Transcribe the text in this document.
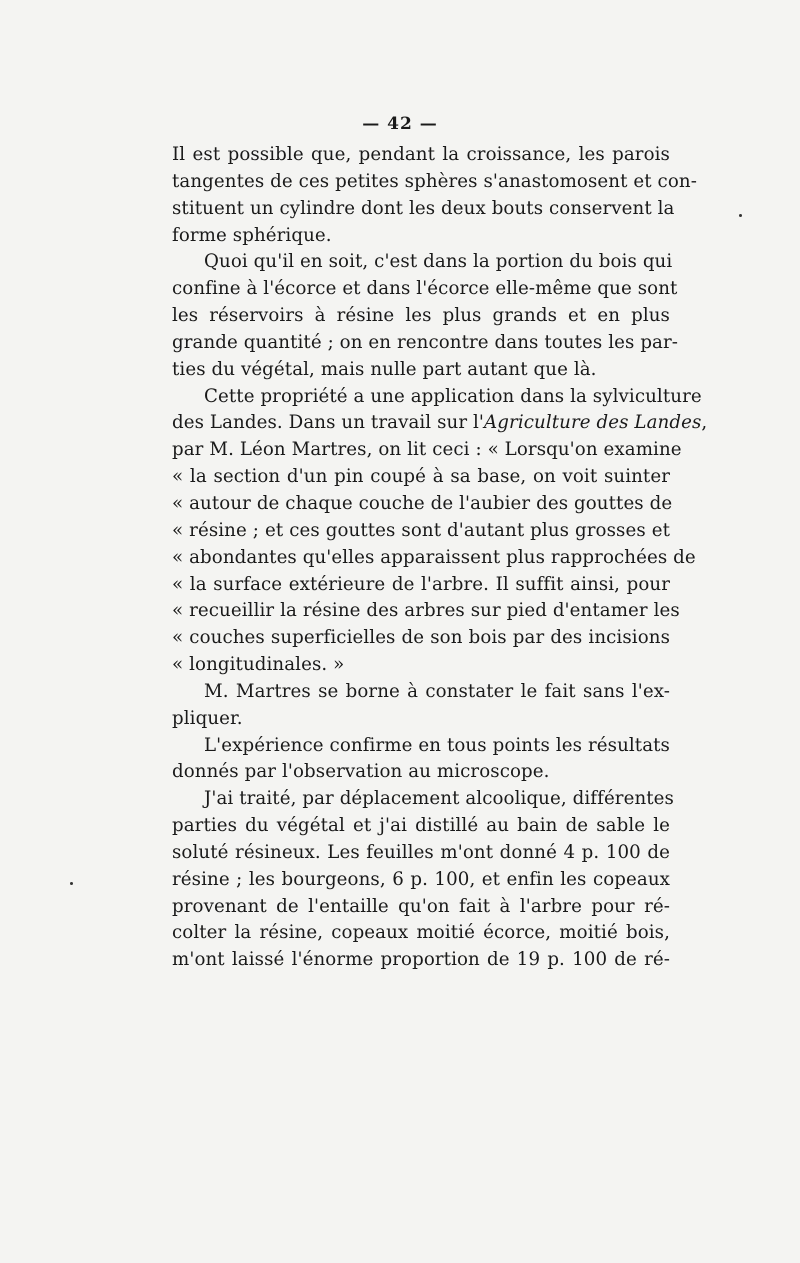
— 42 —
Il est possible que, pendant la croissance, les parois
tangentes de ces petites sphères s'anastomosent et con-
stituent un cylindre dont les deux bouts conservent la
forme sphérique.
Quoi qu'il en soit, c'est dans la portion du bois qui
confine à l'écorce et dans l'écorce elle-même que sont
les réservoirs à résine les plus grands et en plus
grande quantité ; on en rencontre dans toutes les par-
ties du végétal, mais nulle part autant que là.
Cette propriété a une application dans la sylviculture
des Landes. Dans un travail sur l'Agriculture des Landes,
par M. Léon Martres, on lit ceci : « Lorsqu'on examine
« la section d'un pin coupé à sa base, on voit suinter
« autour de chaque couche de l'aubier des gouttes de
« résine ; et ces gouttes sont d'autant plus grosses et
« abondantes qu'elles apparaissent plus rapprochées de
« la surface extérieure de l'arbre. Il suffit ainsi, pour
« recueillir la résine des arbres sur pied d'entamer les
« couches superficielles de son bois par des incisions
« longitudinales. »
M. Martres se borne à constater le fait sans l'ex-
pliquer.
L'expérience confirme en tous points les résultats
donnés par l'observation au microscope.
J'ai traité, par déplacement alcoolique, différentes
parties du végétal et j'ai distillé au bain de sable le
soluté résineux. Les feuilles m'ont donné 4 p. 100 de
résine ; les bourgeons, 6 p. 100, et enfin les copeaux
provenant de l'entaille qu'on fait à l'arbre pour ré-
colter la résine, copeaux moitié écorce, moitié bois,
m'ont laissé l'énorme proportion de 19 p. 100 de ré-
